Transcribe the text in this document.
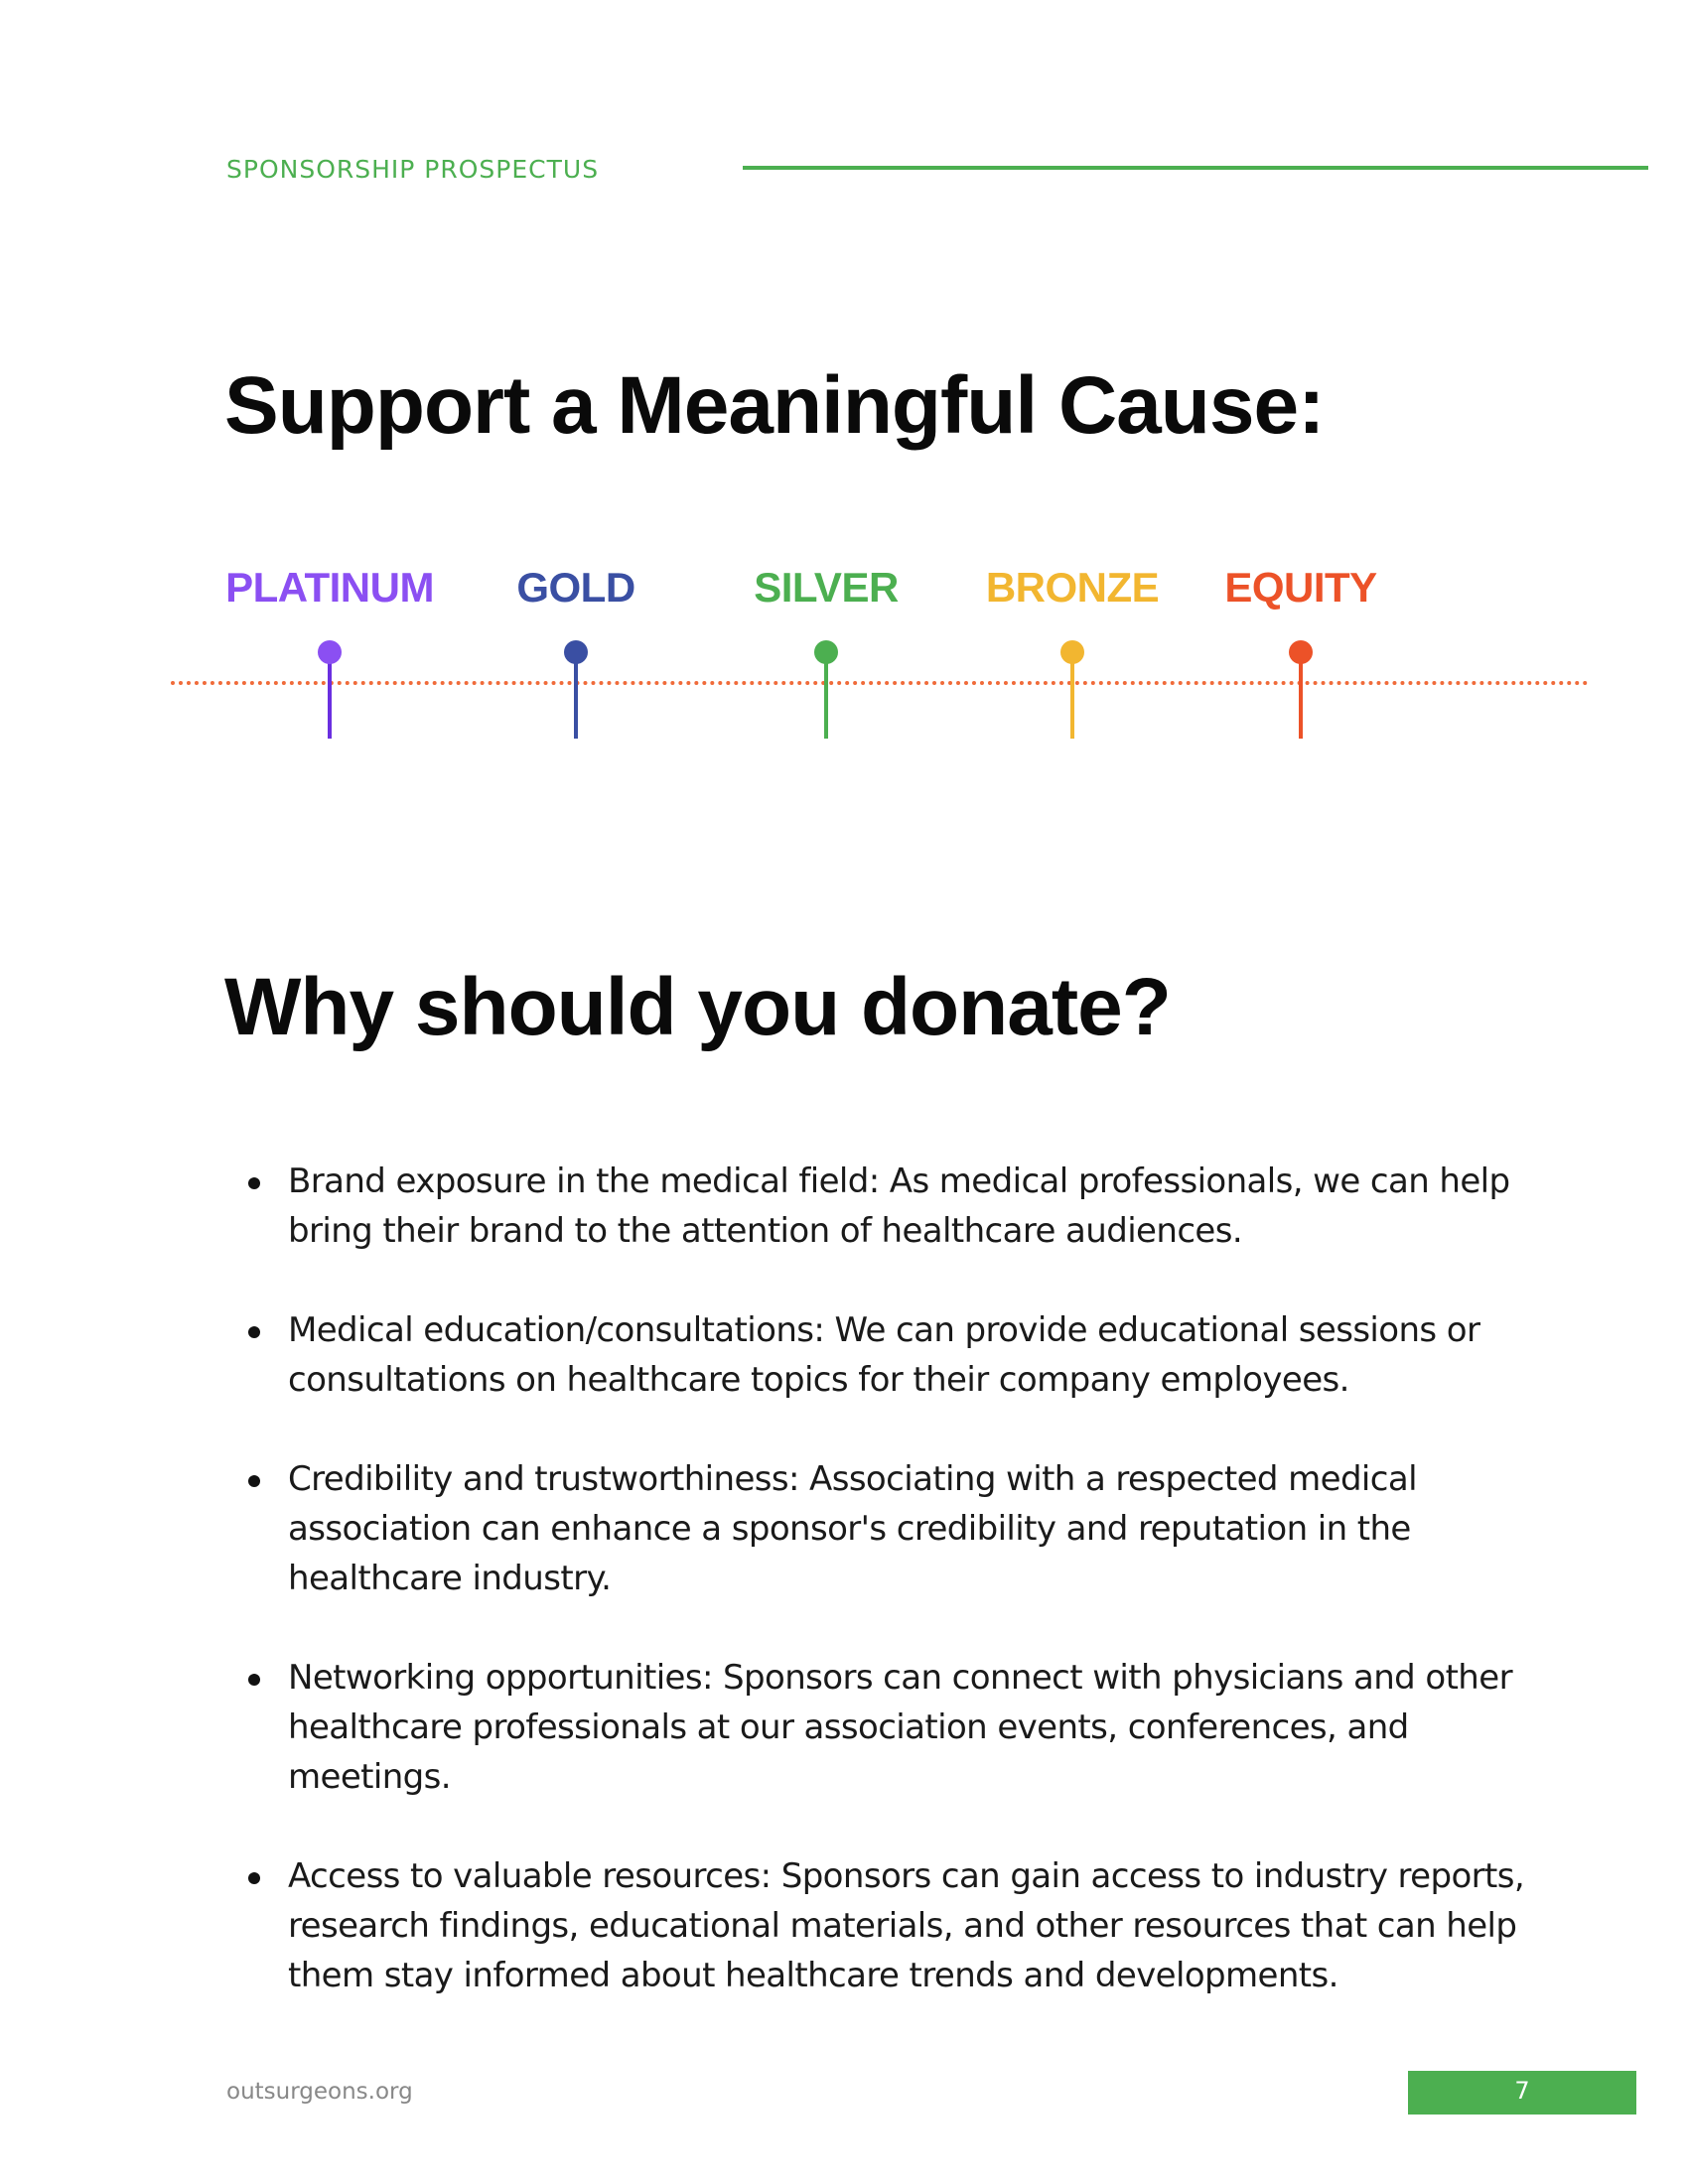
SPONSORSHIP PROSPECTUS
Support a Meaningful Cause:
PLATINUM GOLD	SILVER BRONZE EQUITY
Why should you donate?
Brand exposure in the medical field: As medical professionals, we can help bring their brand to the attention of healthcare audiences.
Medical education/consultations: We can provide educational sessions or consultations on healthcare topics for their company employees.
Credibility and trustworthiness: Associating with a respected medical association can enhance a sponsor's credibility and reputation in the healthcare industry.
Networking opportunities: Sponsors can connect with physicians and other healthcare professionals at our association events, conferences, and meetings.
Access to valuable resources: Sponsors can gain access to industry reports, research findings, educational materials, and other resources that can help them stay informed about healthcare trends and developments.
outsurgeons.org	7
